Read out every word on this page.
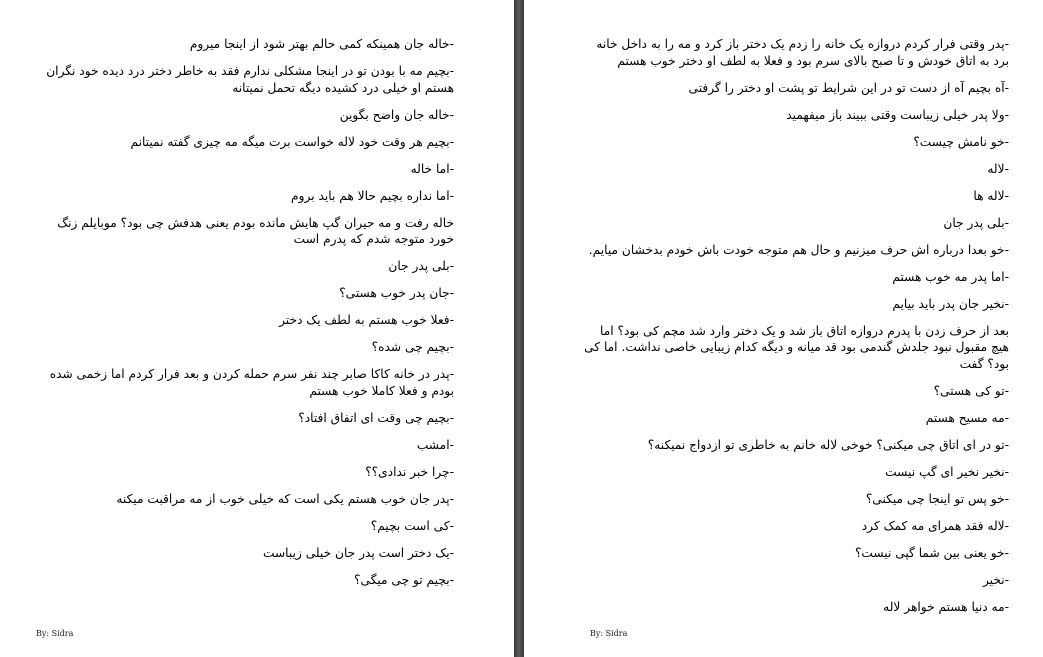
-خاله جان همینکه کمی حالم بهتر شود از اینجا میروم

-بچیم مه با بودن تو در اینجا مشکلی ندارم فقد به خاطر دختر درد دیده خود نگران هستم او خیلی درد کشیده دیگه تحمل نمیتانه

-خاله جان واضح بگوین

-بچیم هر وقت خود لاله خواست برت میگه مه چیزی گفته نمیتانم

-اما خاله

-اما نداره بچیم حالا هم باید بروم

خاله رفت و مه حیران گپ هایش مانده بودم یعنی هدفش چی بود؟ موبایلم زنگ خورد متوجه شدم که پدرم است

-بلی پدر جان

-جان پدر خوب هستی؟

-فعلا خوب هستم به لطف یک دختر

-بچیم چی شده؟

-پدر در خانه کاکا صابر چند نفر سرم حمله کردن و بعد فرار کردم اما زخمی شده بودم و فعلا کاملا خوب هستم

-بچیم چی وقت ای اتفاق افتاد؟

-امشب

-چرا خبر ندادی؟؟

-پدر جان خوب هستم یکی است که خیلی خوب از مه مراقبت میکنه

-کی است بچیم؟

-یک دختر است پدر جان خیلی زیباست

-بچیم تو چی میگی؟

By: Sidra

-پدر وقتی فرار کردم دروازه یک خانه را زدم یک دختر باز کرد و مه را به داخل خانه برد به اتاق خودش و تا صبح بالای سرم بود و فعلا به لطف او دختر خوب هستم

-آه بچیم آه از دست تو در این شرایط تو پشت او دختر را گرفتی

-ولا پدر خیلی زیباست وقتی ببیند باز میفهمید

-خو نامش چیست؟

-لاله

-لاله ها

-بلی پدر جان

-خو بعدا درباره اش حرف میزنیم و حال هم متوجه خودت باش خودم بدخشان میایم.

-اما پدر مه خوب هستم

-نخیر جان پدر باید بیایم

بعد از حرف زدن با پدرم دروازه اتاق باز شد و یک دختر وارد شد مچم کی بود؟ اما هیچ مقبول نبود جلدش گندمی بود قد میانه و دیگه کدام زیبایی خاصی نداشت. اما کی بود؟ گفت

-تو کی هستی؟

-مه مسیح هستم

-تو در ای اتاق چی میکنی؟ خوخی لاله خانم به خاطری تو ازدواج نمیکنه؟

-نخیر نخیر ای گپ نیست

-خو پس تو اینجا چی میکنی؟

-لاله فقد همرای مه کمک کرد

-خو یعنی بین شما گپی نیست؟

-نخیر

-مه دنیا هستم خواهر لاله

By: Sidra
